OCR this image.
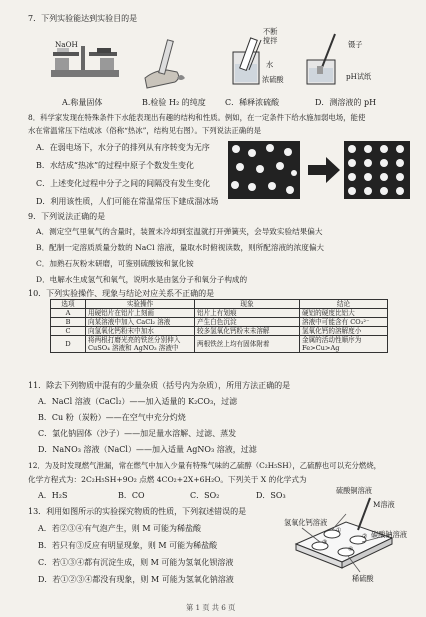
7．下列实验能达到实验目的是
NaOH
不断
搅拌
水
浓硫酸
镊子
pH试纸
A.称量固体	B.检验 H₂ 的纯度 C．稀释浓硫酸	D．测溶液的 pH
8．科学家发现在特殊条件下水能表现出有趣的结构和性质。例如，在一定条件下给水施加弱电场，能使
水在常温常压下结成冰（俗称“热冰”，结构见右图）。下列说法正确的是
A．在弱电场下，水分子的排列从有序转变为无序
B．水结成“热冰”的过程中原子个数发生变化
C．上述变化过程中分子之间的间隔没有发生变化
D．利用该性质，人们可能在常温常压下建成溜冰场
9．下列说法正确的是
A．测定空气里氧气的含量时，装置未冷却到室温就打开弹簧夹，会导致实验结果偏大
B．配制一定溶质质量分数的 NaCl 溶液，量取水时俯视读数，则所配溶液的浓度偏大
C．加熟石灰粉末研磨，可鉴别硫酸铵和氯化铵
D．电解水生成氢气和氧气，说明水是由氢分子和氧分子构成的
10．下列实验操作、现象与结论对应关系不正确的是
选项	实验操作	现象	结论
A	用硬铝片在铝片上刻画	铝片上有划痕	硬铝的硬度比铝大
B	向某溶液中加入 CaCl₂ 溶液	产生白色沉淀	溶液中可能含有 CO₃²⁻
C	向氢氧化钙粉末中加水	较多氢氧化钙粉末未溶解	氢氧化钙的溶解度小
D	将两根打磨光亮的铁丝分别伸入 CuSO₄ 溶液和 AgNO₃ 溶液中	两根铁丝上均有固体附着	金属的活动性顺序为 Fe>Cu>Ag
11．除去下列物质中混有的少量杂质（括号内为杂质），所用方法正确的是
A．NaCl 溶液（CaCl₂）——加入适量的 K₂CO₃，过滤
B．Cu 粉（炭粉）——在空气中充分灼烧
C．氯化钠固体（沙子）——加足量水溶解、过滤、蒸发
D．NaNO₃ 溶液（NaCl）——加入适量 AgNO₃ 溶液，过滤
12．为及时发现燃气泄漏，常在燃气中加入少量有特殊气味的乙硫醇（C₂H₅SH），乙硫醇也可以充分燃烧，
化学方程式为：2C₂H₅SH+9O₂ 点燃 4CO₂+2X+6H₂O。下列关于 X 的化学式为
A．H₂S	B．CO	C．SO₂	D．SO₃
13．利用如图所示的实验探究物质的性质，下列叙述错误的是
A．若②③④有气泡产生，则 M 可能为稀盐酸
B．若只有③反应有明显现象，则 M 可能为稀盐酸
C．若①③④都有沉淀生成，则 M 可能为氢氧化钡溶液
D．若①②③④都没有现象，则 M 可能为氢氧化钠溶液
硫酸铜溶液
M溶液
氢氧化钙溶液
碳酸钠溶液
稀硫酸
①
②
③
④
第 1 页 共 6 页
